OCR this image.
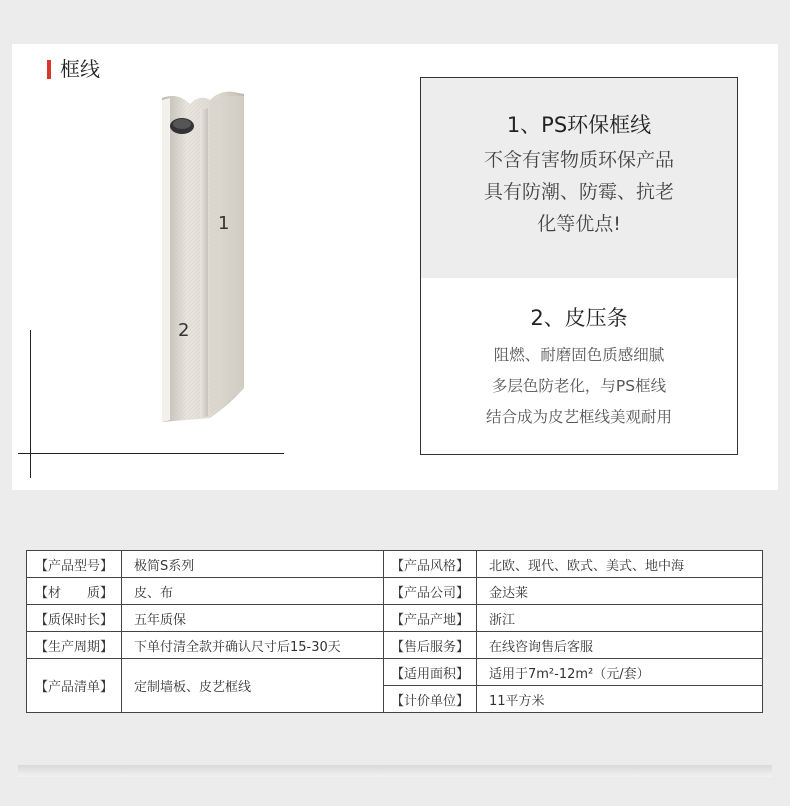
框线
1
2
1、PS环保框线
不含有害物质环保产品
具有防潮、防霉、抗老
化等优点!
2、皮压条
阻燃、耐磨固色质感细腻
多层色防老化，与PS框线
结合成为皮艺框线美观耐用
【产品型号】	极简S系列	【产品风格】	北欧、现代、欧式、美式、地中海
【材　　质】	皮、布	【产品公司】	金达莱
【质保时长】	五年质保	【产品产地】	浙江
【生产周期】	下单付清全款并确认尺寸后15-30天	【售后服务】	在线咨询售后客服
【产品清单】	定制墙板、皮艺框线	【适用面积】	适用于7m²-12m²（元/套）
		【计价单位】	11平方米
